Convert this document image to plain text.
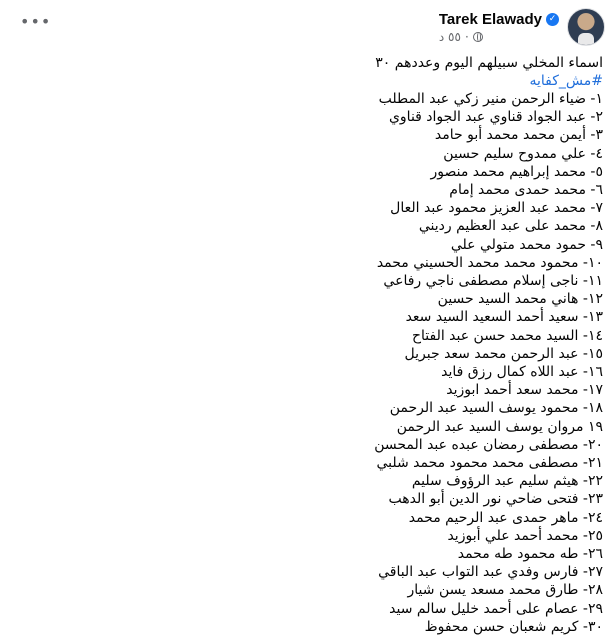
•••	Tarek Elawady ✓
٥٥ د ·
اسماء المخلي سبيلهم اليوم وعددهم ٣٠
#مش_كفايه
١- ضياء الرحمن منير زكي عبد المطلب
٢- عبد الجواد قناوي عبد الجواد قناوي
٣- أيمن محمد محمد أبو حامد
٤- علي ممدوح سليم حسين
٥- محمد إبراهيم محمد منصور
٦- محمد حمدى محمد إمام
٧- محمد عبد العزيز محمود عبد العال
٨- محمد على عبد العظيم رديني
٩- حمود محمد متولي علي
١٠- محمود محمد محمد الحسيني محمد
١١- ناجى إسلام مصطفى ناجي رفاعي
١٢- هاني محمد السيد حسين
١٣- سعيد أحمد السعيد السيد سعد
١٤- السيد محمد حسن عبد الفتاح
١٥- عبد الرحمن محمد سعد جبريل
١٦- عبد اللاه كمال رزق فايد
١٧- محمد سعد أحمد ابوزيد
١٨- محمود يوسف السيد عبد الرحمن
١٩ مروان يوسف السيد عبد الرحمن
٢٠- مصطفى رمضان عبده عبد المحسن
٢١- مصطفى محمد محمود محمد شلبي
٢٢- هيثم سليم عبد الرؤوف سليم
٢٣- فتحى ضاحي نور الدين أبو الدهب
٢٤- ماهر حمدى عبد الرحيم محمد
٢٥- محمد أحمد علي أبوزيد
٢٦- طه محمود طه محمد
٢٧- فارس وفدي عبد التواب عبد الباقي
٢٨- طارق محمد مسعد يسن شيار
٢٩- عصام على أحمد خليل سالم سيد
٣٠- كريم شعبان حسن محفوظ
